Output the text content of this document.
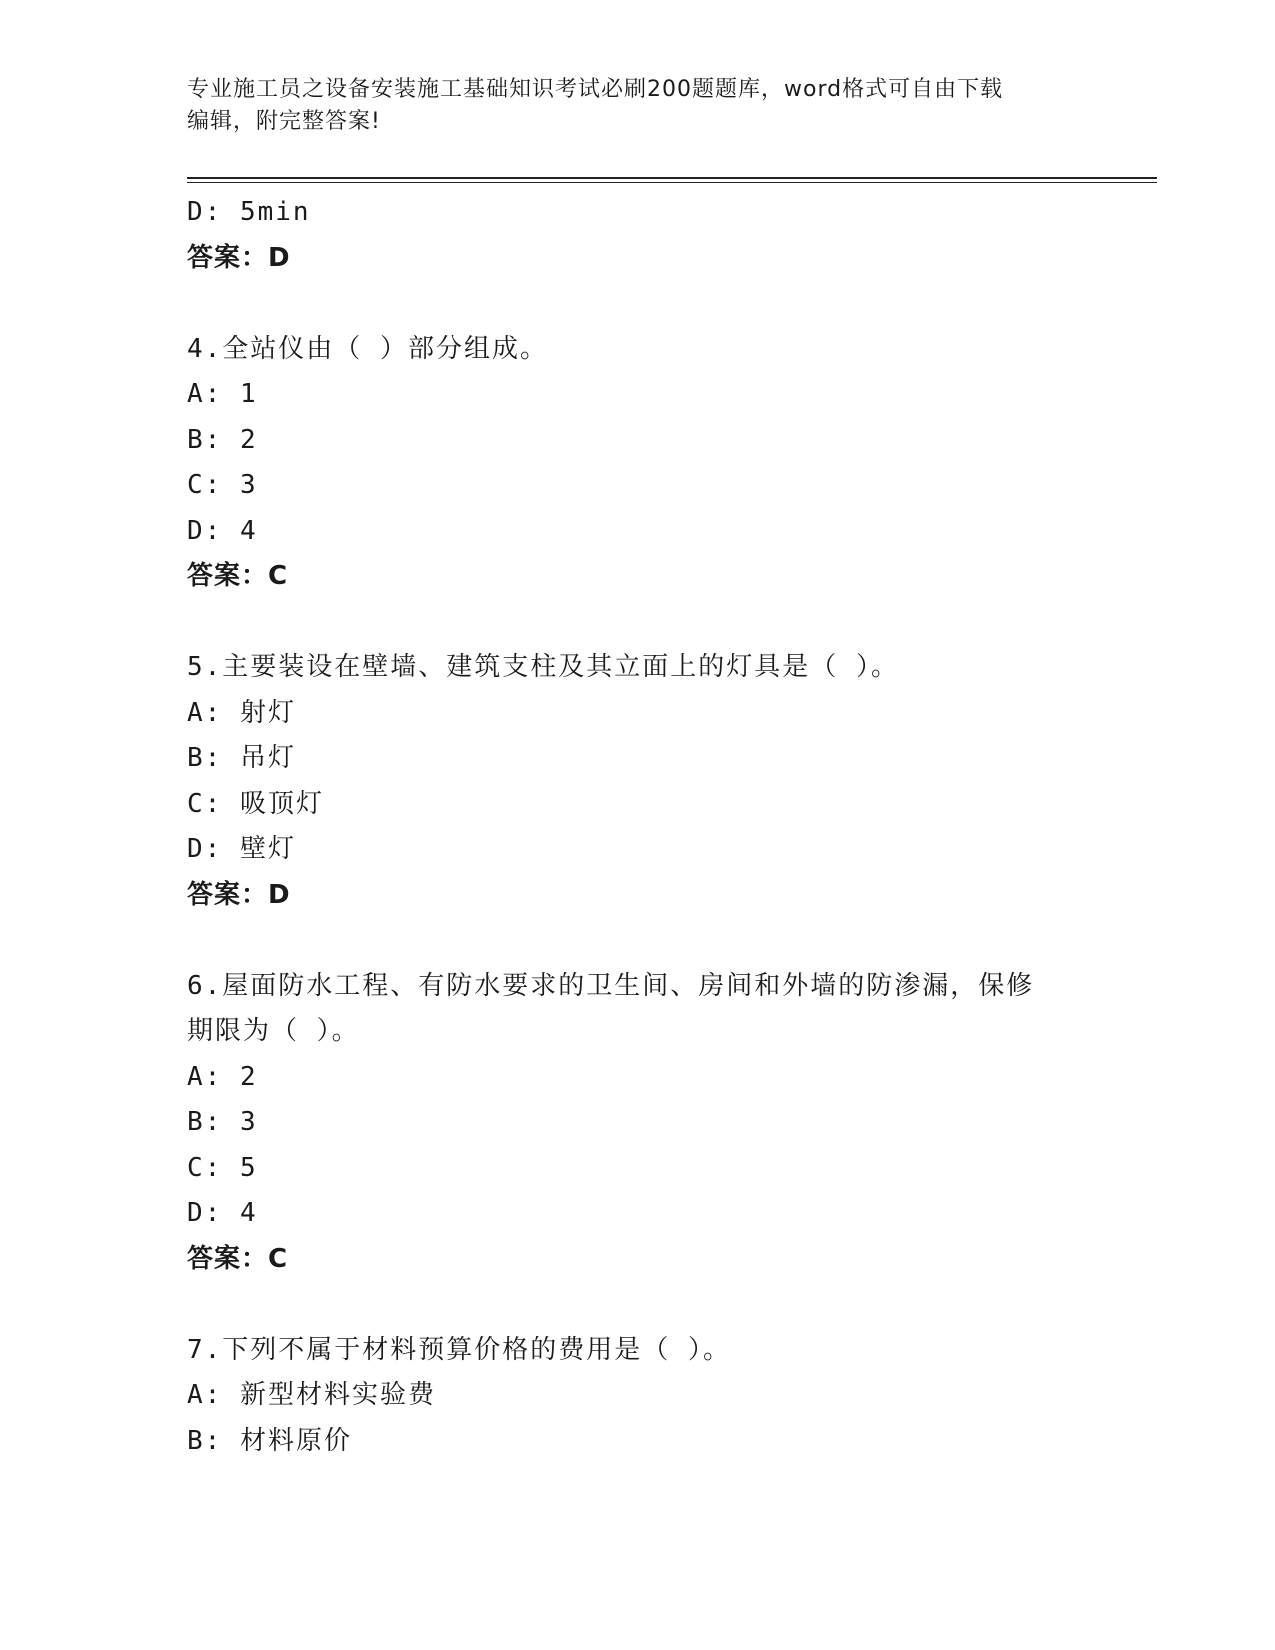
专业施工员之设备安装施工基础知识考试必刷200题题库，word格式可自由下载
编辑，附完整答案!
D: 5min
答案：D
4.全站仪由（ ）部分组成。
A: 1
B: 2
C: 3
D: 4
答案：C
5.主要装设在壁墙、建筑支柱及其立面上的灯具是（ ）。
A: 射灯
B: 吊灯
C: 吸顶灯
D: 壁灯
答案：D
6.屋面防水工程、有防水要求的卫生间、房间和外墙的防渗漏，保修
期限为（ ）。
A: 2
B: 3
C: 5
D: 4
答案：C
7.下列不属于材料预算价格的费用是（ ）。
A: 新型材料实验费
B: 材料原价
